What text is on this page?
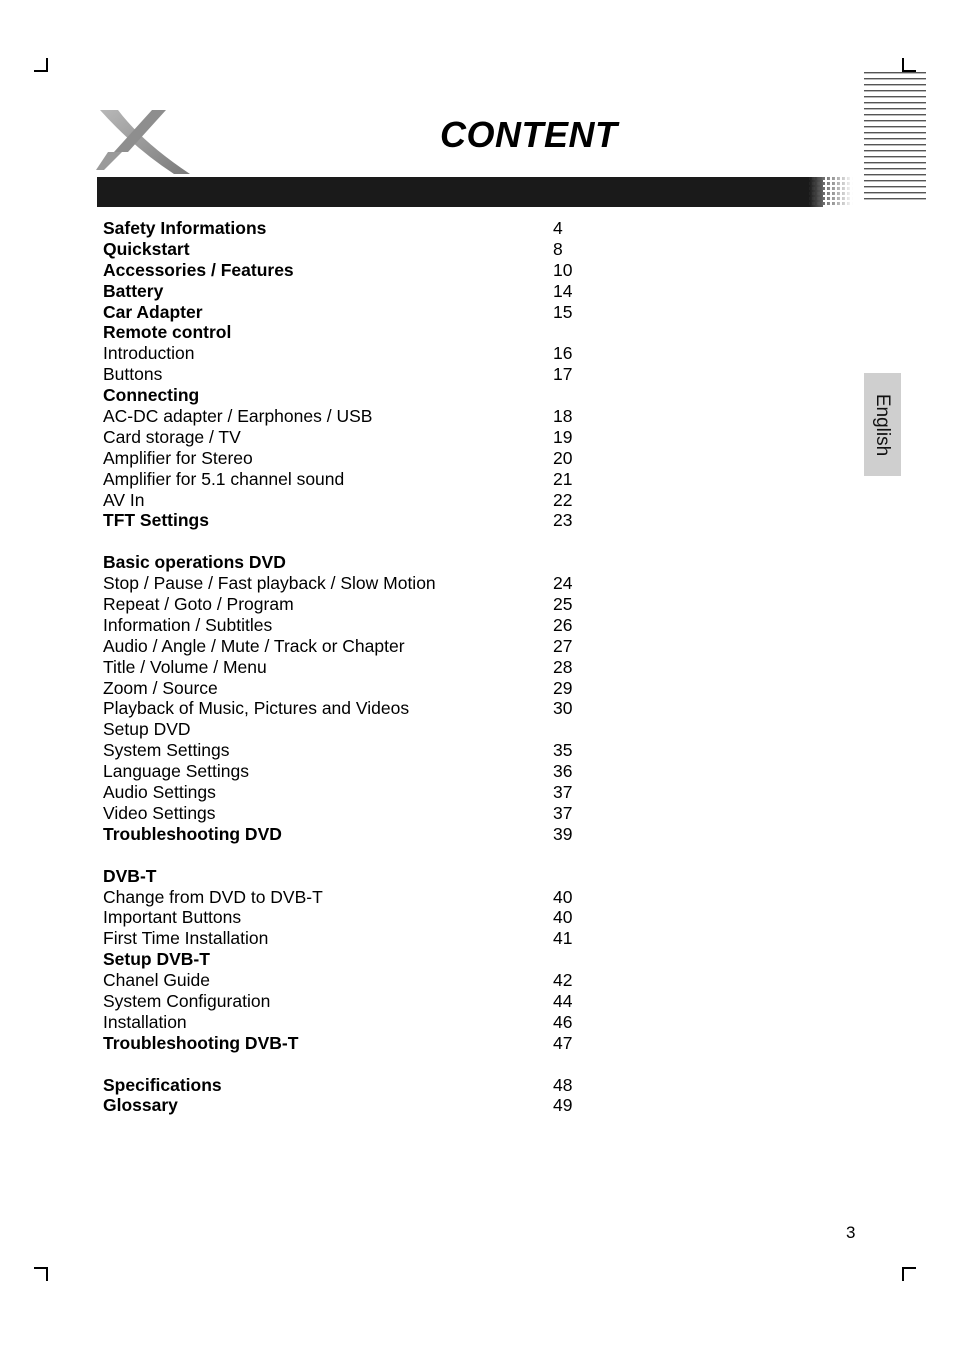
CONTENT
English
Safety Informations	4
Quickstart	8
Accessories / Features	10
Battery	14
Car Adapter	15
Remote control
Introduction	16
Buttons	17
Connecting
AC-DC adapter / Earphones / USB	18
Card storage / TV	19
Amplifier for Stereo	20
Amplifier for 5.1 channel sound	21
AV In	22
TFT Settings	23
Basic operations DVD
Stop / Pause / Fast playback / Slow Motion	24
Repeat / Goto / Program	25
Information / Subtitles	26
Audio / Angle / Mute / Track or Chapter	27
Title / Volume / Menu	28
Zoom / Source	29
Playback of Music, Pictures and Videos	30
Setup DVD
System Settings	35
Language Settings	36
Audio Settings	37
Video Settings	37
Troubleshooting DVD	39
DVB-T
Change from DVD to DVB-T	40
Important Buttons	40
First Time Installation	41
Setup DVB-T
Chanel Guide	42
System Configuration	44
Installation	46
Troubleshooting DVB-T	47
Specifications	48
Glossary	49
3
